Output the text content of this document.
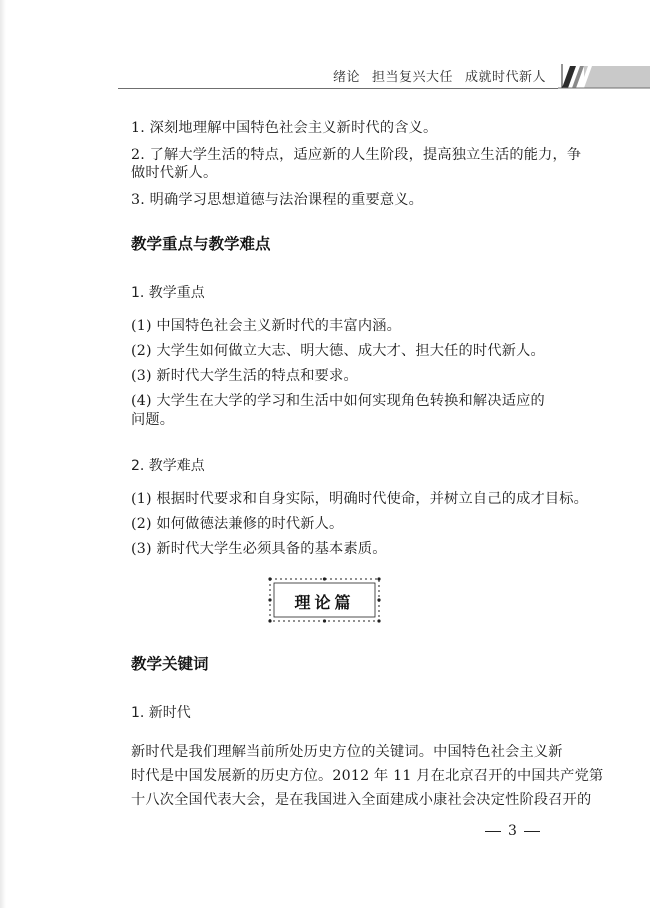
绪论 担当复兴大任 成就时代新人
1. 深刻地理解中国特色社会主义新时代的含义。
2. 了解大学生活的特点，适应新的人生阶段，提高独立生活的能力，争
做时代新人。
3. 明确学习思想道德与法治课程的重要意义。
教学重点与教学难点
1. 教学重点
(1) 中国特色社会主义新时代的丰富内涵。
(2) 大学生如何做立大志、明大德、成大才、担大任的时代新人。
(3) 新时代大学生活的特点和要求。
(4) 大学生在大学的学习和生活中如何实现角色转换和解决适应的
问题。
2. 教学难点
(1) 根据时代要求和自身实际，明确时代使命，并树立自己的成才目标。
(2) 如何做德法兼修的时代新人。
(3) 新时代大学生必须具备的基本素质。
理论篇
教学关键词
1. 新时代
新时代是我们理解当前所处历史方位的关键词。中国特色社会主义新
时代是中国发展新的历史方位。2012 年 11 月在北京召开的中国共产党第
十八次全国代表大会，是在我国进入全面建成小康社会决定性阶段召开的
3
